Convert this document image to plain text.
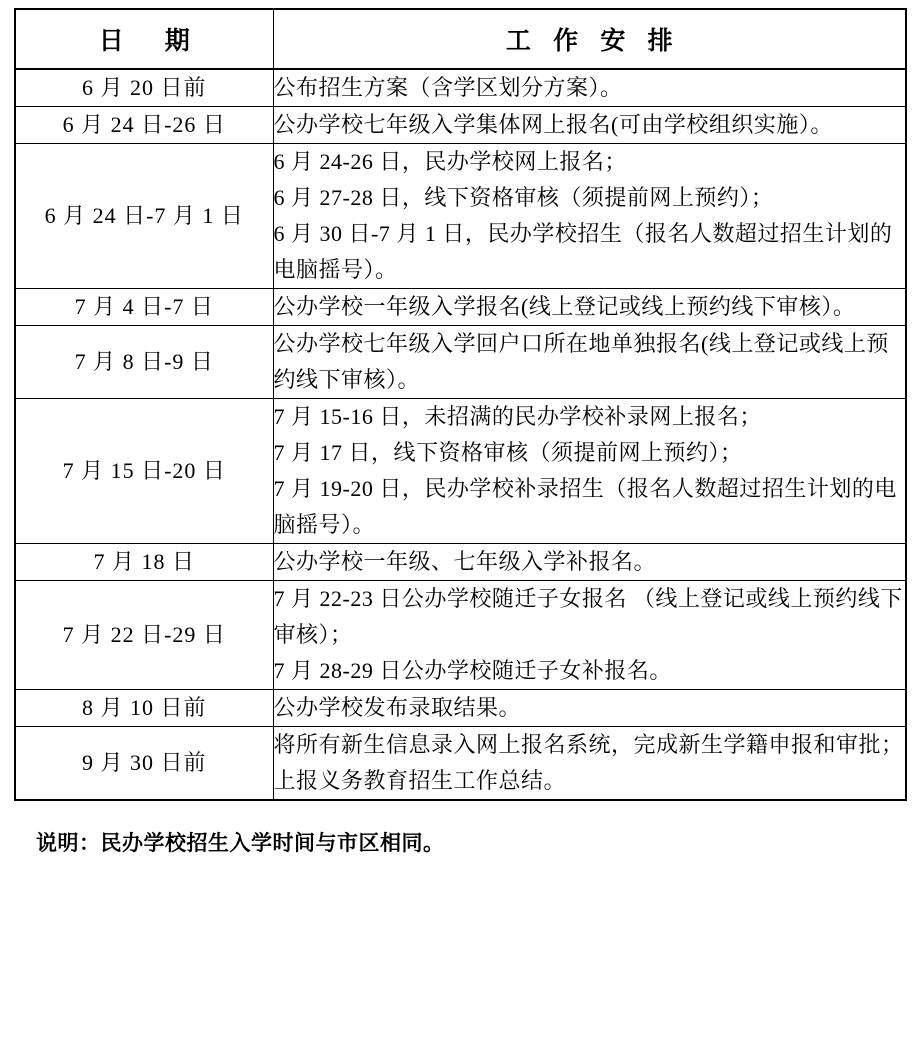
日　期	工 作 安 排
6 月 20 日前	公布招生方案（含学区划分方案）。

6 月 24 日-26 日	公办学校七年级入学集体网上报名(可由学校组织实施）。

6 月 24 日-7 月 1 日	6 月 24-26 日，民办学校网上报名；
6 月 27-28 日，线下资格审核（须提前网上预约）；
6 月 30 日-7 月 1 日，民办学校招生（报名人数超过招生计划的电脑摇号）。

7 月 4 日-7 日	公办学校一年级入学报名(线上登记或线上预约线下审核）。

7 月 8 日-9 日	公办学校七年级入学回户口所在地单独报名(线上登记或线上预约线下审核）。

7 月 15 日-20 日	7 月 15-16 日，未招满的民办学校补录网上报名；
7 月 17 日，线下资格审核（须提前网上预约）；
7 月 19-20 日，民办学校补录招生（报名人数超过招生计划的电脑摇号）。

7 月 18 日	公办学校一年级、七年级入学补报名。

7 月 22 日-29 日	7 月 22-23 日公办学校随迁子女报名 （线上登记或线上预约线下审核）；
7 月 28-29 日公办学校随迁子女补报名。

8 月 10 日前	公办学校发布录取结果。

9 月 30 日前	将所有新生信息录入网上报名系统，完成新生学籍申报和审批；上报义务教育招生工作总结。
说明：民办学校招生入学时间与市区相同。
